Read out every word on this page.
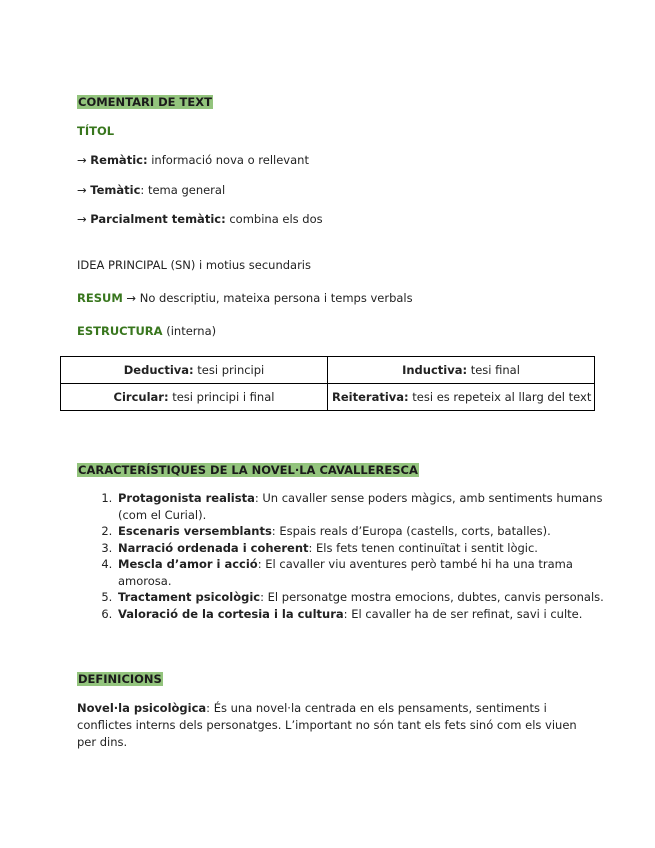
COMENTARI DE TEXT
TÍTOL
→ Remàtic: informació nova o rellevant
→ Temàtic: tema general
→ Parcialment temàtic: combina els dos
IDEA PRINCIPAL (SN) i motius secundaris
RESUM → No descriptiu, mateixa persona i temps verbals
ESTRUCTURA (interna)
Deductiva: tesi principi	Inductiva: tesi final
Circular: tesi principi i final	Reiterativa: tesi es repeteix al llarg del text
CARACTERÍSTIQUES DE LA NOVEL·LA CAVALLERESCA
1. Protagonista realista: Un cavaller sense poders màgics, amb sentiments humans (com el Curial).
2. Escenaris versemblants: Espais reals d’Europa (castells, corts, batalles).
3. Narració ordenada i coherent: Els fets tenen continuïtat i sentit lògic.
4. Mescla d’amor i acció: El cavaller viu aventures però també hi ha una trama amorosa.
5. Tractament psicològic: El personatge mostra emocions, dubtes, canvis personals.
6. Valoració de la cortesia i la cultura: El cavaller ha de ser refinat, savi i culte.
DEFINICIONS
Novel·la psicològica: És una novel·la centrada en els pensaments, sentiments i conflictes interns dels personatges. L’important no són tant els fets sinó com els viuen per dins.
